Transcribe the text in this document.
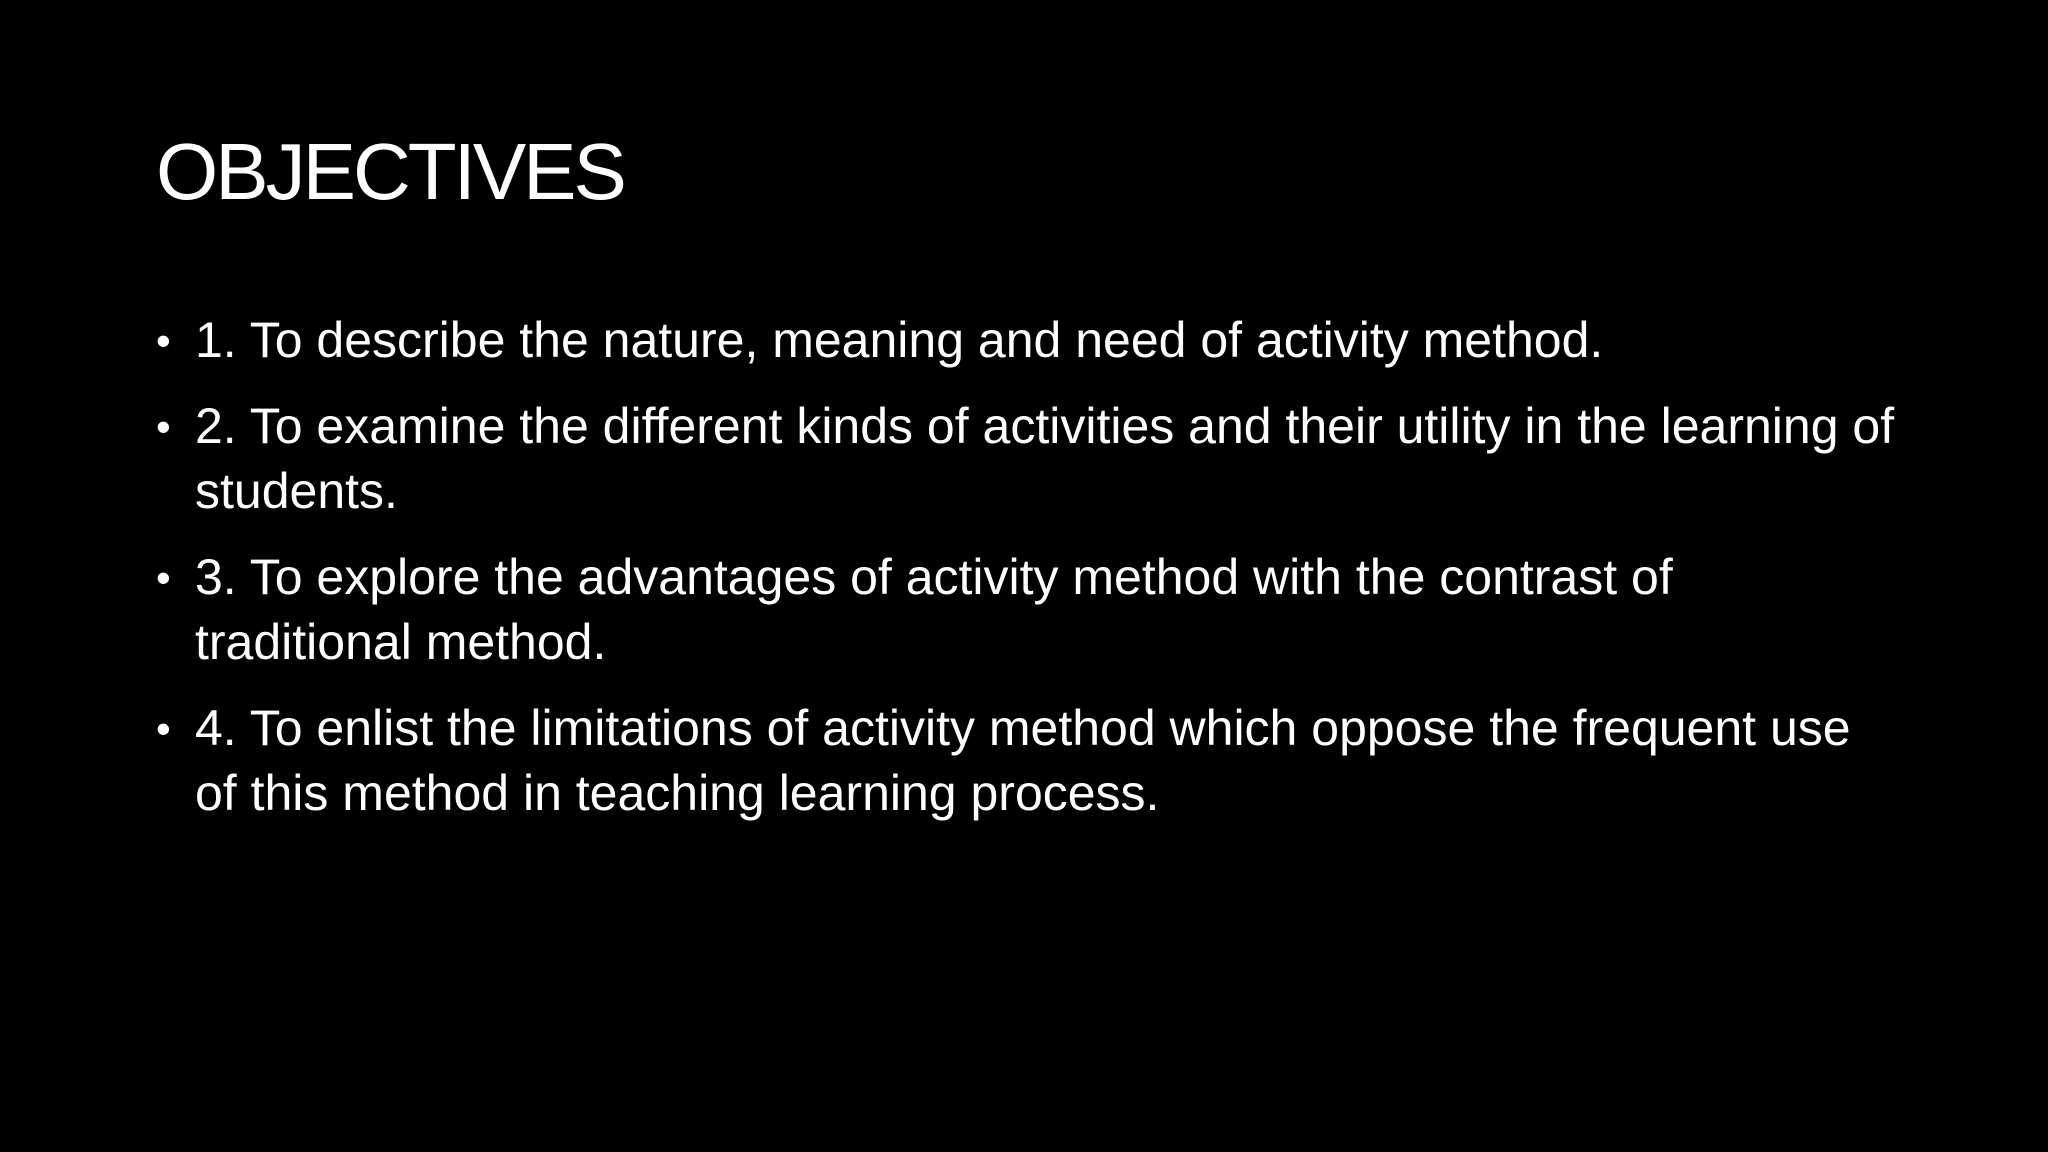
OBJECTIVES
• 1. To describe the nature, meaning and need of activity method.
• 2. To examine the different kinds of activities and their utility in the learning of students.
• 3. To explore the advantages of activity method with the contrast of traditional method.
• 4. To enlist the limitations of activity method which oppose the frequent use of this method in teaching learning process.
